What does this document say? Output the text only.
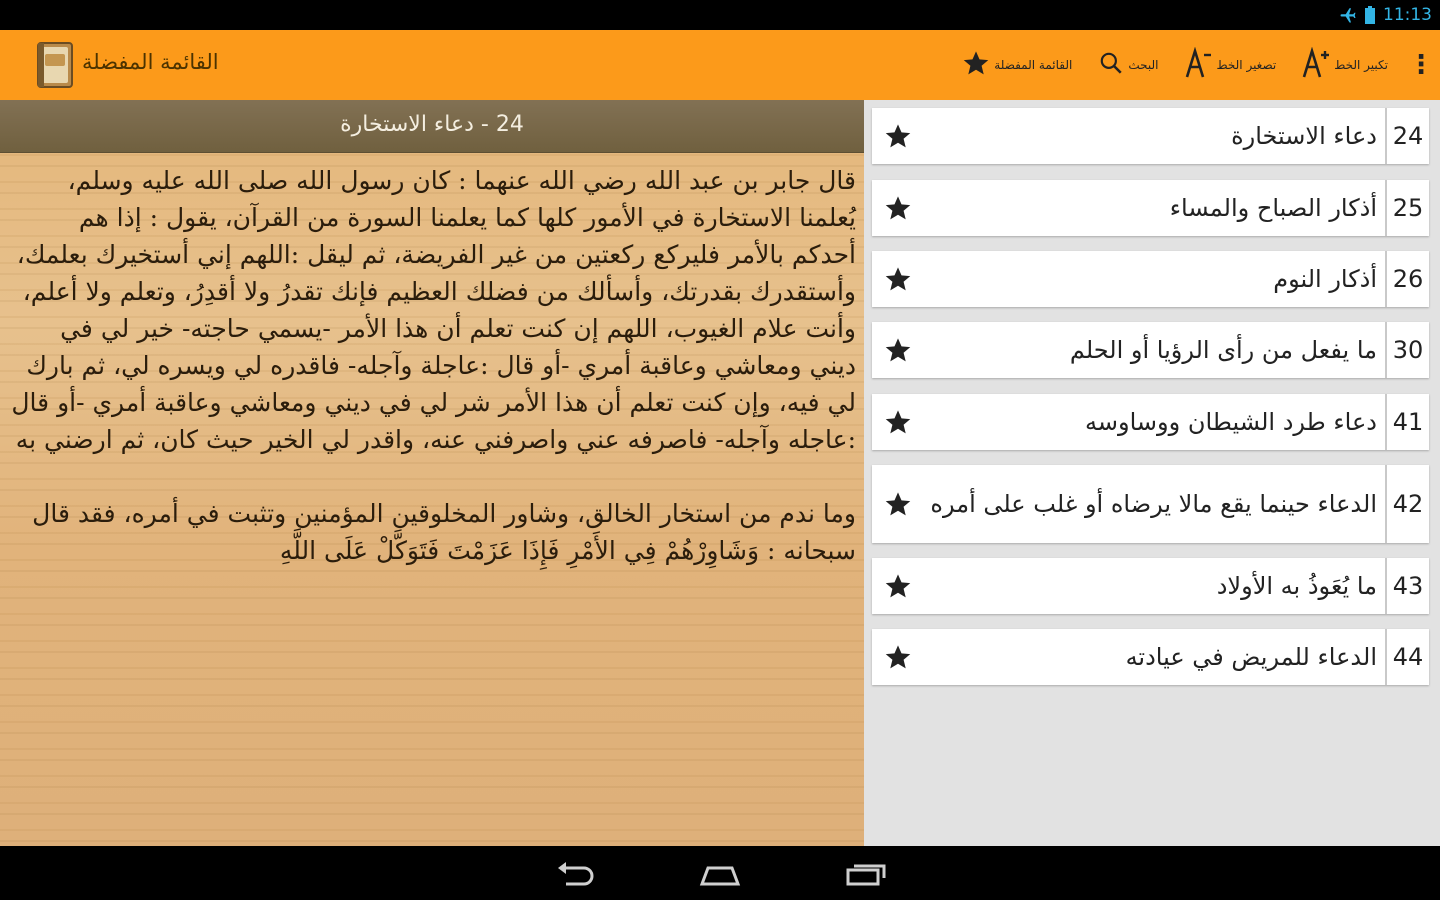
11:13
القائمة المفضلة	القائمة المفضلة	البحث	تصغير الخط	تكبير الخط ⋮
24 - دعاء الاستخارة

قال جابر بن عبد الله رضي الله عنهما : كان رسول الله صلى الله عليه وسلم، يُعلمنا الاستخارة في الأمور كلها كما يعلمنا السورة من القرآن، يقول : إذا هم أحدكم بالأمر فليركع ركعتين من غير الفريضة، ثم ليقل :اللهم إني أستخيرك بعلمك، وأستقدرك بقدرتك، وأسألك من فضلك العظيم فإنك تقدرُ ولا أقدِرُ، وتعلم ولا أعلم، وأنت علام الغيوب، اللهم إن كنت تعلم أن هذا الأمر -يسمي حاجته- خير لي في ديني ومعاشي وعاقبة أمري -أو قال :عاجلة وآجله- فاقدره لي ويسره لي، ثم بارك لي فيه، وإن كنت تعلم أن هذا الأمر شر لي في ديني ومعاشي وعاقبة أمري -أو قال :عاجله وآجله- فاصرفه عني واصرفني عنه، واقدر لي الخير حيث كان، ثم ارضني به

وما ندم من استخار الخالق، وشاور المخلوقين المؤمنين وتثبت في أمره، فقد قال سبحانه : وَشَاوِرْهُمْ فِي الأَمْرِ فَإِذَا عَزَمْتَ فَتَوَكَّلْ عَلَى اللَّهِ

دعاء الاستخارة 24
أذكار الصباح والمساء 25
أذكار النوم 26
ما يفعل من رأى الرؤيا أو الحلم 30
دعاء طرد الشيطان ووساوسه 41
الدعاء حينما يقع مالا يرضاه أو غلب على أمره 42
ما يُعَوذُ به الأولاد 43
الدعاء للمريض في عيادته 44
